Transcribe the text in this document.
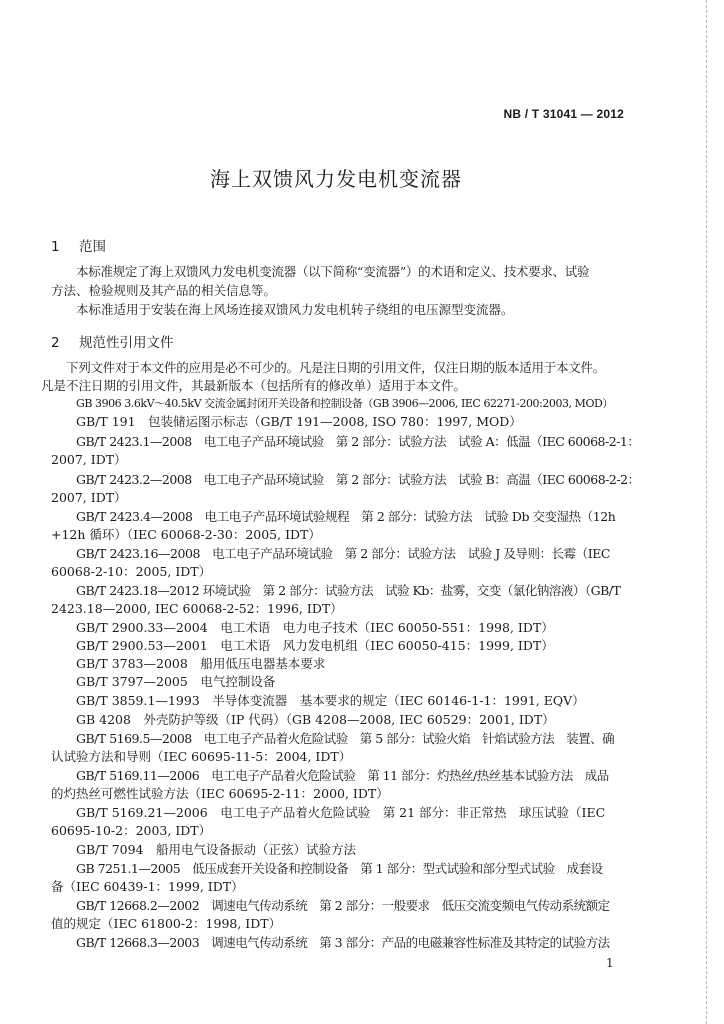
NB / T 31041 — 2012
海上双馈风力发电机变流器
1 范围
本标准规定了海上双馈风力发电机变流器（以下简称“变流器”）的术语和定义、技术要求、试验
方法、检验规则及其产品的相关信息等。
本标准适用于安装在海上风场连接双馈风力发电机转子绕组的电压源型变流器。
2 规范性引用文件
下列文件对于本文件的应用是必不可少的。凡是注日期的引用文件，仅注日期的版本适用于本文件。
凡是不注日期的引用文件，其最新版本（包括所有的修改单）适用于本文件。
GB 3906 3.6kV～40.5kV 交流金属封闭开关设备和控制设备（GB 3906—2006, IEC 62271-200:2003, MOD）
GB/T 191　包装储运图示标志（GB/T 191—2008, ISO 780：1997, MOD）
GB/T 2423.1—2008　电工电子产品环境试验　第 2 部分：试验方法　试验 A：低温（IEC 60068-2-1：
2007, IDT）
GB/T 2423.2—2008　电工电子产品环境试验　第 2 部分：试验方法　试验 B：高温（IEC 60068-2-2：
2007, IDT）
GB/T 2423.4—2008　电工电子产品环境试验规程　第 2 部分：试验方法　试验 Db 交变湿热（12h
+12h 循环）（IEC 60068-2-30：2005, IDT）
GB/T 2423.16—2008　电工电子产品环境试验　第 2 部分：试验方法　试验 J 及导则：长霉（IEC
60068-2-10：2005, IDT）
GB/T 2423.18—2012 环境试验　第 2 部分：试验方法　试验 Kb：盐雾，交变（氯化钠溶液）（GB/T
2423.18—2000, IEC 60068-2-52：1996, IDT）
GB/T 2900.33—2004　电工术语　电力电子技术（IEC 60050-551：1998, IDT）
GB/T 2900.53—2001　电工术语　风力发电机组（IEC 60050-415：1999, IDT）
GB/T 3783—2008　船用低压电器基本要求
GB/T 3797—2005　电气控制设备
GB/T 3859.1—1993　半导体变流器　基本要求的规定（IEC 60146-1-1：1991, EQV）
GB 4208　外壳防护等级（IP 代码）（GB 4208—2008, IEC 60529：2001, IDT）
GB/T 5169.5—2008　电工电子产品着火危险试验　第 5 部分：试验火焰　针焰试验方法　装置、确
认试验方法和导则（IEC 60695-11-5：2004, IDT）
GB/T 5169.11—2006　电工电子产品着火危险试验　第 11 部分：灼热丝/热丝基本试验方法　成品
的灼热丝可燃性试验方法（IEC 60695-2-11：2000, IDT）
GB/T 5169.21—2006　电工电子产品着火危险试验　第 21 部分：非正常热　球压试验（IEC
60695-10-2：2003, IDT）
GB/T 7094　船用电气设备振动（正弦）试验方法
GB 7251.1—2005　低压成套开关设备和控制设备　第 1 部分：型式试验和部分型式试验　成套设
备（IEC 60439-1：1999, IDT）
GB/T 12668.2—2002　调速电气传动系统　第 2 部分：一般要求　低压交流变频电气传动系统额定
值的规定（IEC 61800-2：1998, IDT）
GB/T 12668.3—2003　调速电气传动系统　第 3 部分：产品的电磁兼容性标准及其特定的试验方法
1
